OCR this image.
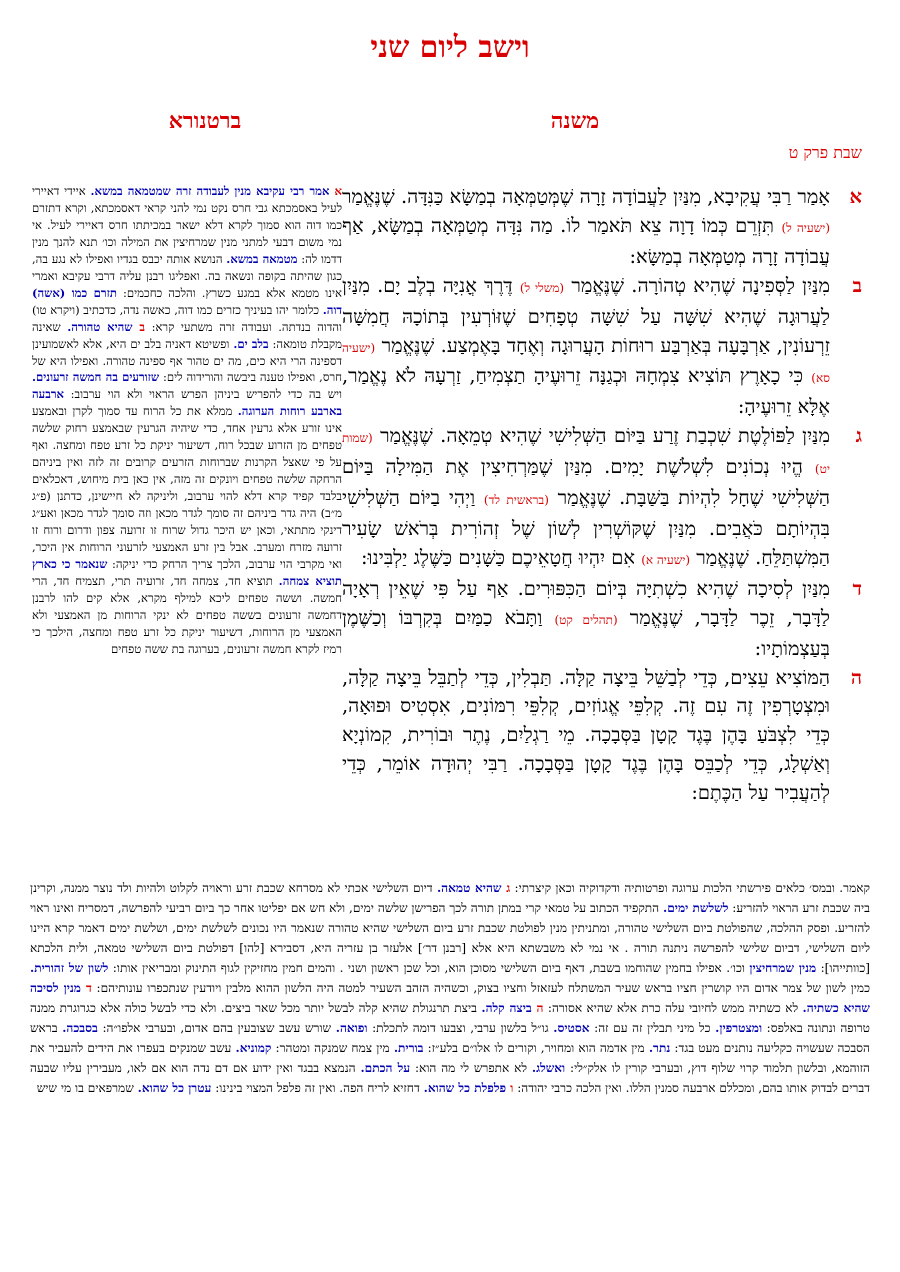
וישב ליום שני
משנה
ברטנורא
שבת פרק ט
א
אָמַר רַבִּי עֲקִיבָא, מִנַּיִן לַעֲבוֹדָה זָרָה שֶׁמְּטַמְּאָה בְמַשָּׂא כַּנִּדָּה. שֶׁנֶּאֱמַר (ישעיה ל) תִּזְרֵם כְּמוֹ דָוָה צֵא תֹּאמַר לוֹ. מַה נִּדָּה מְטַמְּאָה בְמַשָּׂא, אַף עֲבוֹדָה זָרָה מְטַמְּאָה בְמַשָּׂא:
ב
מִנַּיִן לַסְּפִינָה שֶׁהִיא טְהוֹרָה. שֶׁנֶּאֱמַר (משלי ל) דֶּרֶךְ אֳנִיָּה בְלֶב יָם. מִנַּיִן לַעֲרוּגָה שֶׁהִיא שִׁשָּׁה עַל שִׁשָּׁה טְפָחִים שֶׁזּוֹרְעִין בְּתוֹכָהּ חֲמִשָּׁה זֵרְעוֹנִין, אַרְבָּעָה בְּאַרְבַּע רוּחוֹת הָעֲרוּגָה וְאֶחָד בָּאֶמְצַע. שֶׁנֶּאֱמַר (ישעיה סא) כִּי כָאָרֶץ תּוֹצִיא צִמְחָהּ וּכְגַנָּה זֵרוּעֶיהָ תַצְמִיחַ, זַרְעָהּ לֹא נֶאֱמַר, אֶלָּא זֵרוּעֶיהָ:
ג
מִנַּיִן לַפּוֹלֶטֶת שִׁכְבַת זֶרַע בַּיּוֹם הַשְּׁלִישִׁי שֶׁהִיא טְמֵאָה. שֶׁנֶּאֱמַר (שמות יט) הֱיוּ נְכוֹנִים לִשְׁלֹשֶׁת יָמִים. מִנַּיִן שֶׁמַּרְחִיצִין אֶת הַמִּילָה בַּיּוֹם הַשְּׁלִישִׁי שֶׁחָל לִהְיוֹת בַּשַּׁבָּת. שֶׁנֶּאֱמַר (בראשית לד) וַיְהִי בַיּוֹם הַשְּׁלִישִׁי בִּהְיוֹתָם כֹּאֲבִים. מִנַּיִן שֶׁקּוֹשְׁרִין לְשׁוֹן שֶׁל זְהוֹרִית בְּרֹאשׁ שָׂעִיר הַמִּשְׁתַּלֵּחַ. שֶׁנֶּאֱמַר (ישעיה א) אִם יִהְיוּ חֲטָאֵיכֶם כַּשָּׁנִים כַּשֶּׁלֶג יַלְבִּינוּ:
ד
מִנַּיִן לְסִיכָה שֶׁהִיא כִשְׁתִיָּה בְּיוֹם הַכִּפּוּרִים. אַף עַל פִּי שֶׁאֵין רְאָיָה לַדָּבָר, זֵכֶר לַדָּבָר, שֶׁנֶּאֱמַר (תהלים קט) וַתָּבֹא כַמַּיִם בְּקִרְבּוֹ וְכַשֶּׁמֶן בְּעַצְמוֹתָיו:
ה
הַמּוֹצִיא עֵצִים, כְּדֵי לְבַשֵּׁל בֵּיצָה קַלָּה. תַּבְלִין, כְּדֵי לְתַבֵּל בֵּיצָה קַלָּה, וּמִצְטָרְפִין זֶה עִם זֶה. קְלִפֵּי אֱגוֹזִים, קְלִפֵּי רִמּוֹנִים, אִסְטִיס וּפוּאָה, כְּדֵי לִצְבֹּעַ בָּהֶן בֶּגֶד קָטָן בַּסְּבָכָה. מֵי רַגְלַיִם, נֶתֶר וּבוֹרִית, קִמוֹנְיָא וְאַשְׁלָג, כְּדֵי לְכַבֵּס בָּהֶן בֶּגֶד קָטָן בַּסְּבָכָה. רַבִּי יְהוּדָה אוֹמֵר, כְּדֵי לְהַעֲבִיר עַל הַכֶּתֶם:

א אמר רבי עקיבא מנין לעבודה זרה שמטמאה במשא. איידי דאיירי לעיל באסמכתא גבי חרס נקט נמי להני קראי דאסמכתא, וקרא דתזרם כמו דוה הוא סמוך לקרא דלא ישאר במכיתתו חרס דאיירי לעיל. אי נמי משום דבעי למתני מנין שמרחיצין את המילה וכו׳ תנא להנך מנין דדמו לה: מטמאה במשא. הנושא אותה יכבס בגדיו ואפילו לא נגע בה, כגון שהיתה בקופה ונשאה בה. ואפליגו רבנן עליה דרבי עקיבא ואמרי אינו מטמא אלא במגע כשרץ. והלכה כחכמים: תזרם כמו (אשה) דוה. כלומר יהו בעיניך כזרים כמו דוה, כאשה נדה, כדכתיב (ויקרא טו) והדוה בנדתה. ועבודה זרה משתעי קרא: ב שהיא טהורה. שאינה מקבלת טומאה: בלב ים. ופשיטא דאניה בלב ים היא, אלא לאשמועינן דספינה הרי היא כים, מה ים טהור אף ספינה טהורה. ואפילו היא של חרס, ואפילו טענה ביבשה והורידוה לים: שזורעים בה חמשה זרעונים. ויש בה כדי להפריש ביניהן הפרש הראוי ולא הוי ערבוב: ארבעה בארבע רוחות הערוגה. ממלא את כל הרוח עד סמוך לקרן ובאמצע אינו זורע אלא גרעין אחד, כדי שיהיה הגרעין שבאמצע רחוק שלשה טפחים מן הזרוע שבכל רוח, דשיעור יניקת כל זרע טפח ומחצה. ואף על פי שאצל הקרנות שברוחות הזרעים קרובים זה לזה ואין ביניהם הרחקה שלשה טפחים ויונקים זה מזה, אין כאן בית מיחוש, דאכלאים בלבד קפיד קרא דלא להוי ערבוב, וליניקה לא חיישינן, כדתנן (פ״ג מ״ב) היה גדר ביניהם זה סומך לגדר מכאן וזה סומך לגדר מכאן ואע״ג דינקי מתתאי, וכאן יש היכר גדול שרוח זו זרועה צפון ודרום ורוח זו זרועה מזרח ומערב. אבל בין זרע האמצעי לזרעוני הרוחות אין היכר, ואי מקרבי הוי ערבוב, הלכך צריך הרחק כדי יניקה: שנאמר כי כארץ תוציא צמחה. תוציא חד, צמחה חד, זרועיה תרי, תצמיח חד, הרי חמשה. וששה טפחים ליכא למילף מקרא, אלא קים להו לרבנן דחמשה זרעונים בששה טפחים לא ינקי הרוחות מן האמצעי ולא האמצעי מן הרוחות, דשיעור יניקת כל זרע טפח ומחצה, הילכך כי רמיז לקרא חמשה זרעונים, בערוגה בת ששה טפחים

קאמר. ובמס׳ כלאים פירשתי הלכות ערוגה ופרטותיה ודקדוקיה וכאן קיצרתי: ג שהיא טמאה. דיום השלישי אכתי לא מסרחא שכבת זרע וראויה לקלוט ולהיות ולד נוצר ממנה, וקרינן ביה שכבת זרע הראוי להזריע: לשלשת ימים. התקפיד הכתוב על טמאי קרי במתן תורה לכך הפרישן שלשה ימים, ולא חש אם יפליטו אחר כך ביום רביעי להפרשה, דמסריח ואינו ראוי להזריע. ופסק ההלכה, שהפולטת ביום השלישי טהורה, ומתניתין מנין לפולטת שכבת זרע ביום השלישי שהיא טהורה שנאמר היו נכונים לשלשת ימים, ושלשת ימים דאמר קרא היינו ליום השלישי, דביום שלישי להפרשה ניתנה תורה . אי נמי לא משבשתא היא אלא [רבנן דר׳] אלעזר בן עזריה היא, דסבירא [להו] דפולטת ביום השלישי טמאה, ולית הלכתא [כוותייהו]: מנין שמרחיצין וכו׳. אפילו בחמין שהוחמו בשבת, דאף ביום השלישי מסוכן הוא, וכל שכן ראשון ושני . והמים חמין מחזיקין לגוף התינוק ומבריאין אותו: לשון של זהורית. כמין לשון של צמר אדום היו קושרין חציו בראש שעיר המשתלח לעזאזל וחציו בצוק, וכשהיה הזהב השעיר למטה היה הלשון ההוא מלבין ויודעין שנתכפרו עונותיהם: ד מנין לסיכה שהיא כשתיה. לא כשתיה ממש לחיובי עלה כרת אלא שהיא אסורה: ה ביצה קלה. ביצת תרנגולת שהיא קלה לבשל יותר מכל שאר ביצים. ולא כדי לבשל כולה אלא כגרוגרת ממנה טרופה ונתונה באלפס: ומצטרפין. כל מיני תבלין זה עם זה: אסטיס. גו״ל בלשון ערבי, וצבעו דומה לתכלת: ופואה. שורש עשב שצובעין בהם אדום, ובערבי אלפו״ה: בסבכה. בראש הסבכה שעשויה כקליעה נותנים מעט בגד: נתר. מין אדמה הוא ומחויר, וקורים לו אלו״ם בלע״ז: בורית. מין צמח שמנקה ומטהר: קמוניא. עשב שמנקים בעפרו את הידים להעביר את הזוהמא, ובלשון תלמוד קרוי שלוף דוץ, ובערבי קורין לו אלק״לי: ואשלג. לא אתפרש לי מה הוא: על הכתם. הנמצא בבגד ואין ידוע אם דם נדה הוא אם לאו, מעבירין עליו שבעה דברים לבדוק אותו בהם, ומכללם ארבעה סמנין הללו. ואין הלכה כרבי יהודה: ו פלפלת כל שהוא. דחזיא לריח הפה. ואין זה פלפל המצוי בינינו: עטרן כל שהוא. שמרפאים בו מי שיש
